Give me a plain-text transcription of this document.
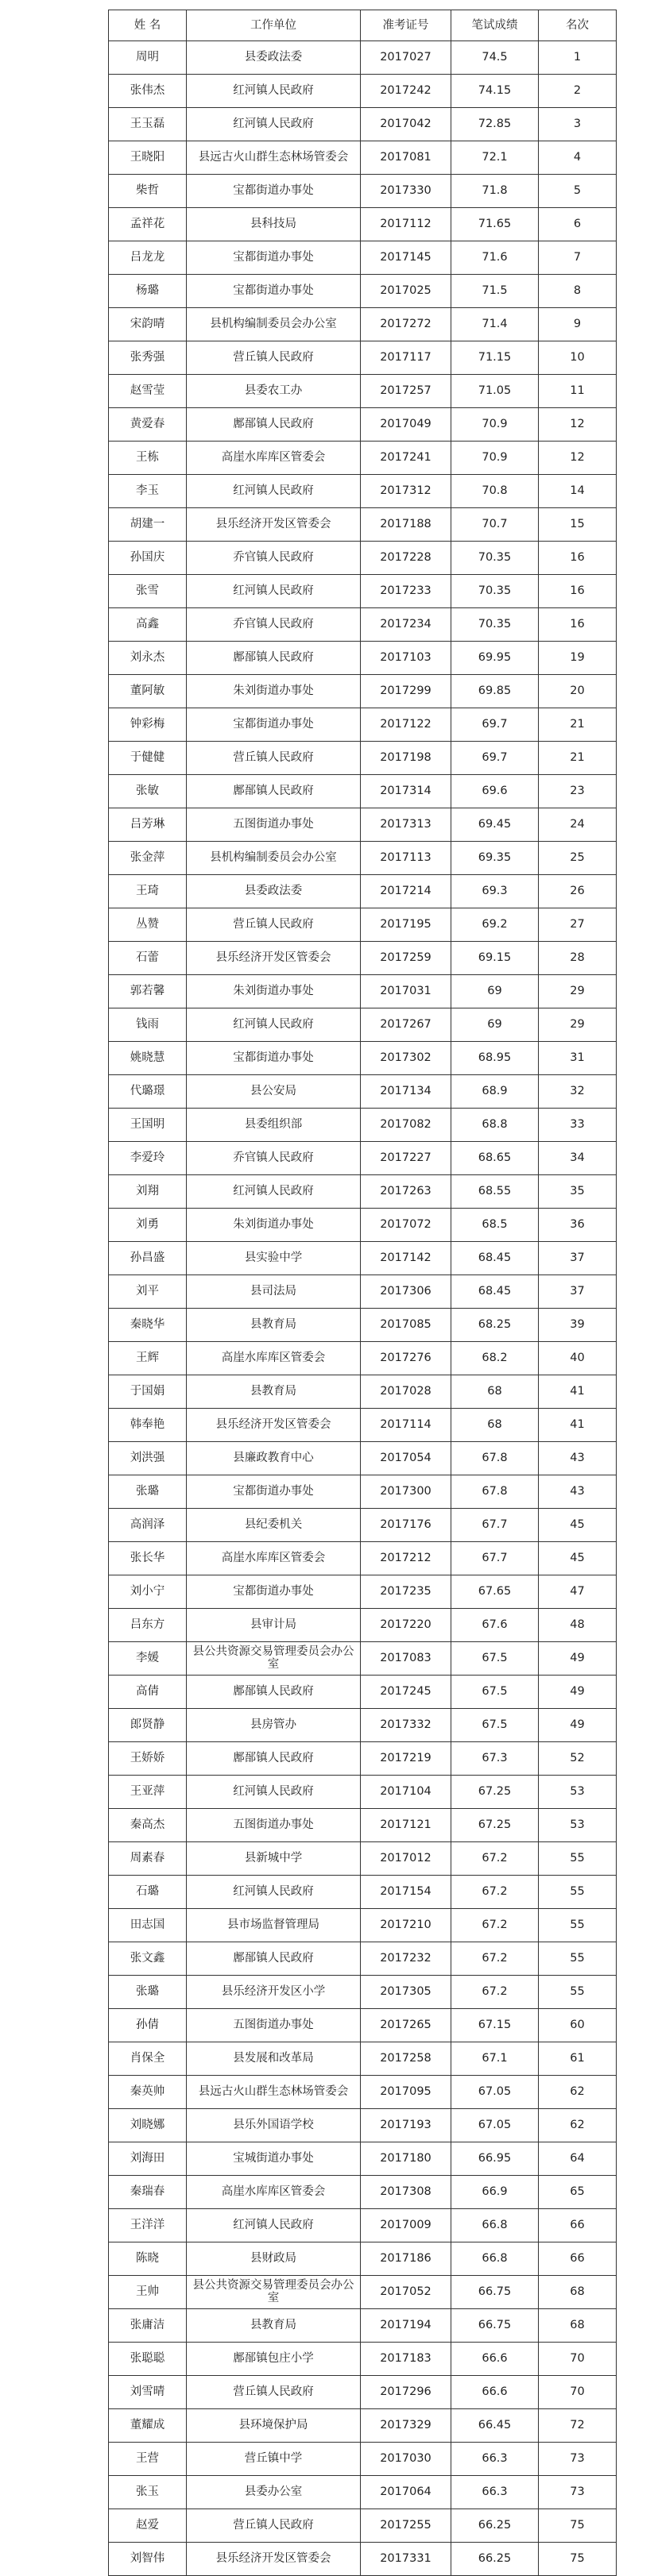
姓 名	工作单位	准考证号	笔试成绩	名次
周明	县委政法委	2017027	74.5	1
张伟杰	红河镇人民政府	2017242	74.15	2
王玉磊	红河镇人民政府	2017042	72.85	3
王晓阳	县远古火山群生态林场管委会	2017081	72.1	4
柴哲	宝都街道办事处	2017330	71.8	5
孟祥花	县科技局	2017112	71.65	6
吕龙龙	宝都街道办事处	2017145	71.6	7
杨璐	宝都街道办事处	2017025	71.5	8
宋韵晴	县机构编制委员会办公室	2017272	71.4	9
张秀强	营丘镇人民政府	2017117	71.15	10
赵雪莹	县委农工办	2017257	71.05	11
黄爱春	鄌郚镇人民政府	2017049	70.9	12
王栋	高崖水库库区管委会	2017241	70.9	12
李玉	红河镇人民政府	2017312	70.8	14
胡建一	县乐经济开发区管委会	2017188	70.7	15
孙国庆	乔官镇人民政府	2017228	70.35	16
张雪	红河镇人民政府	2017233	70.35	16
高鑫	乔官镇人民政府	2017234	70.35	16
刘永杰	鄌郚镇人民政府	2017103	69.95	19
董阿敏	朱刘街道办事处	2017299	69.85	20
钟彩梅	宝都街道办事处	2017122	69.7	21
于健健	营丘镇人民政府	2017198	69.7	21
张敏	鄌郚镇人民政府	2017314	69.6	23
吕芳琳	五图街道办事处	2017313	69.45	24
张金萍	县机构编制委员会办公室	2017113	69.35	25
王琦	县委政法委	2017214	69.3	26
丛赞	营丘镇人民政府	2017195	69.2	27
石蕾	县乐经济开发区管委会	2017259	69.15	28
郭若馨	朱刘街道办事处	2017031	69	29
钱雨	红河镇人民政府	2017267	69	29
姚晓慧	宝都街道办事处	2017302	68.95	31
代璐璟	县公安局	2017134	68.9	32
王国明	县委组织部	2017082	68.8	33
李爱玲	乔官镇人民政府	2017227	68.65	34
刘翔	红河镇人民政府	2017263	68.55	35
刘勇	朱刘街道办事处	2017072	68.5	36
孙昌盛	县实验中学	2017142	68.45	37
刘平	县司法局	2017306	68.45	37
秦晓华	县教育局	2017085	68.25	39
王辉	高崖水库库区管委会	2017276	68.2	40
于国娟	县教育局	2017028	68	41
韩奉艳	县乐经济开发区管委会	2017114	68	41
刘洪强	县廉政教育中心	2017054	67.8	43
张璐	宝都街道办事处	2017300	67.8	43
高润泽	县纪委机关	2017176	67.7	45
张长华	高崖水库库区管委会	2017212	67.7	45
刘小宁	宝都街道办事处	2017235	67.65	47
吕东方	县审计局	2017220	67.6	48
李媛	县公共资源交易管理委员会办公室	2017083	67.5	49
高倩	鄌郚镇人民政府	2017245	67.5	49
郎贤静	县房管办	2017332	67.5	49
王娇娇	鄌郚镇人民政府	2017219	67.3	52
王亚萍	红河镇人民政府	2017104	67.25	53
秦高杰	五图街道办事处	2017121	67.25	53
周素春	县新城中学	2017012	67.2	55
石璐	红河镇人民政府	2017154	67.2	55
田志国	县市场监督管理局	2017210	67.2	55
张文鑫	鄌郚镇人民政府	2017232	67.2	55
张璐	县乐经济开发区小学	2017305	67.2	55
孙倩	五图街道办事处	2017265	67.15	60
肖保全	县发展和改革局	2017258	67.1	61
秦英帅	县远古火山群生态林场管委会	2017095	67.05	62
刘晓娜	县乐外国语学校	2017193	67.05	62
刘海田	宝城街道办事处	2017180	66.95	64
秦瑞春	高崖水库库区管委会	2017308	66.9	65
王洋洋	红河镇人民政府	2017009	66.8	66
陈晓	县财政局	2017186	66.8	66
王帅	县公共资源交易管理委员会办公室	2017052	66.75	68
张庸洁	县教育局	2017194	66.75	68
张聪聪	鄌郚镇包庄小学	2017183	66.6	70
刘雪晴	营丘镇人民政府	2017296	66.6	70
董耀成	县环境保护局	2017329	66.45	72
王营	营丘镇中学	2017030	66.3	73
张玉	县委办公室	2017064	66.3	73
赵爱	营丘镇人民政府	2017255	66.25	75
刘智伟	县乐经济开发区管委会	2017331	66.25	75
